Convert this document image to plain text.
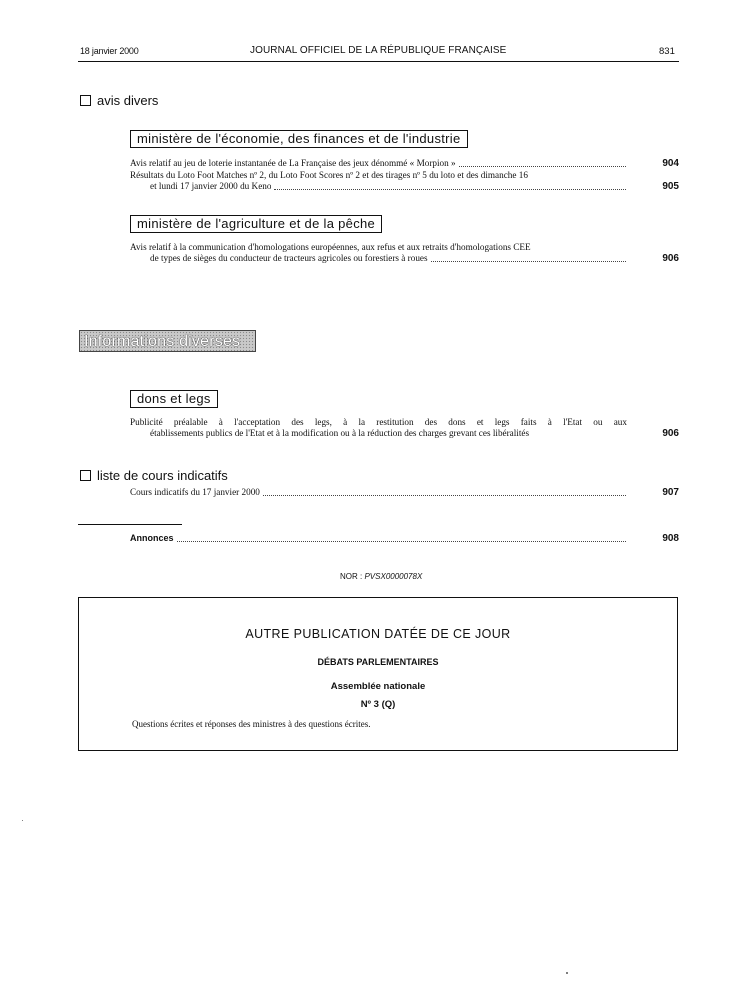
18 janvier 2000	JOURNAL OFFICIEL DE LA RÉPUBLIQUE FRANÇAISE	831
avis divers
ministère de l'économie, des finances et de l'industrie
Avis relatif au jeu de loterie instantanée de La Française des jeux dénommé « Morpion »	904
Résultats du Loto Foot Matches nº 2, du Loto Foot Scores nº 2 et des tirages nº 5 du loto et des dimanche 16
et lundi 17 janvier 2000 du Keno	905
ministère de l'agriculture et de la pêche
Avis relatif à la communication d'homologations européennes, aux refus et aux retraits d'homologations CEE
de types de sièges du conducteur de tracteurs agricoles ou forestiers à roues	906
Informations diverses
dons et legs
Publicité préalable à l'acceptation des legs, à la restitution des dons et legs faits à l'Etat ou aux
établissements publics de l'Etat et à la modification ou à la réduction des charges grevant ces libéralités	906
liste de cours indicatifs
Cours indicatifs du 17 janvier 2000	907
Annonces	908
NOR : PVSX0000078X
AUTRE PUBLICATION DATÉE DE CE JOUR
DÉBATS PARLEMENTAIRES
Assemblée nationale
Nº 3 (Q)
Questions écrites et réponses des ministres à des questions écrites.
